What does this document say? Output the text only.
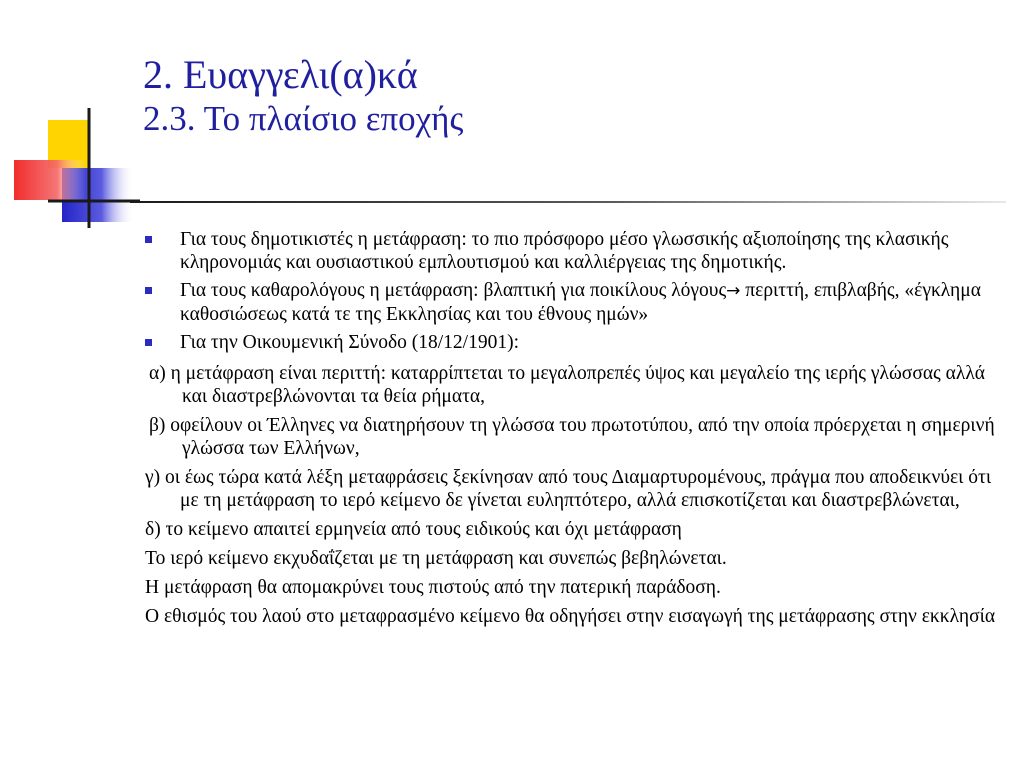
2. Ευαγγελι(α)κά
2.3. Το πλαίσιο εποχής
Για τους δημοτικιστές η μετάφραση: το πιο πρόσφορο μέσο γλωσσικής αξιοποίησης της κλασικής κληρονομιάς και ουσιαστικού εμπλουτισμού και καλλιέργειας της δημοτικής.
Για τους καθαρολόγους η μετάφραση: βλαπτική για ποικίλους λόγους→ περιττή, επιβλαβής, «έγκλημα καθοσιώσεως κατά τε της Εκκλησίας και του έθνους ημών»
Για την Οικουμενική Σύνοδο (18/12/1901):
α) η μετάφραση είναι περιττή: καταρρίπτεται το μεγαλοπρεπές ύψος και μεγαλείο της ιερής γλώσσας αλλά και διαστρεβλώνονται τα θεία ρήματα,
β) οφείλουν οι Έλληνες να διατηρήσουν τη γλώσσα του πρωτοτύπου, από την οποία πρόερχεται η σημερινή γλώσσα των Ελλήνων,
γ) οι έως τώρα κατά λέξη μεταφράσεις ξεκίνησαν από τους Διαμαρτυρομένους, πράγμα που αποδεικνύει ότι με τη μετάφραση το ιερό κείμενο δε γίνεται ευληπτότερο, αλλά επισκοτίζεται και διαστρεβλώνεται,
δ) το κείμενο απαιτεί ερμηνεία από τους ειδικούς και όχι μετάφραση
Το ιερό κείμενο εκχυδαΐζεται με τη μετάφραση και συνεπώς βεβηλώνεται.
Η μετάφραση θα απομακρύνει τους πιστούς από την πατερική παράδοση.
Ο εθισμός του λαού στο μεταφρασμένο κείμενο θα οδηγήσει στην εισαγωγή της μετάφρασης στην εκκλησία
